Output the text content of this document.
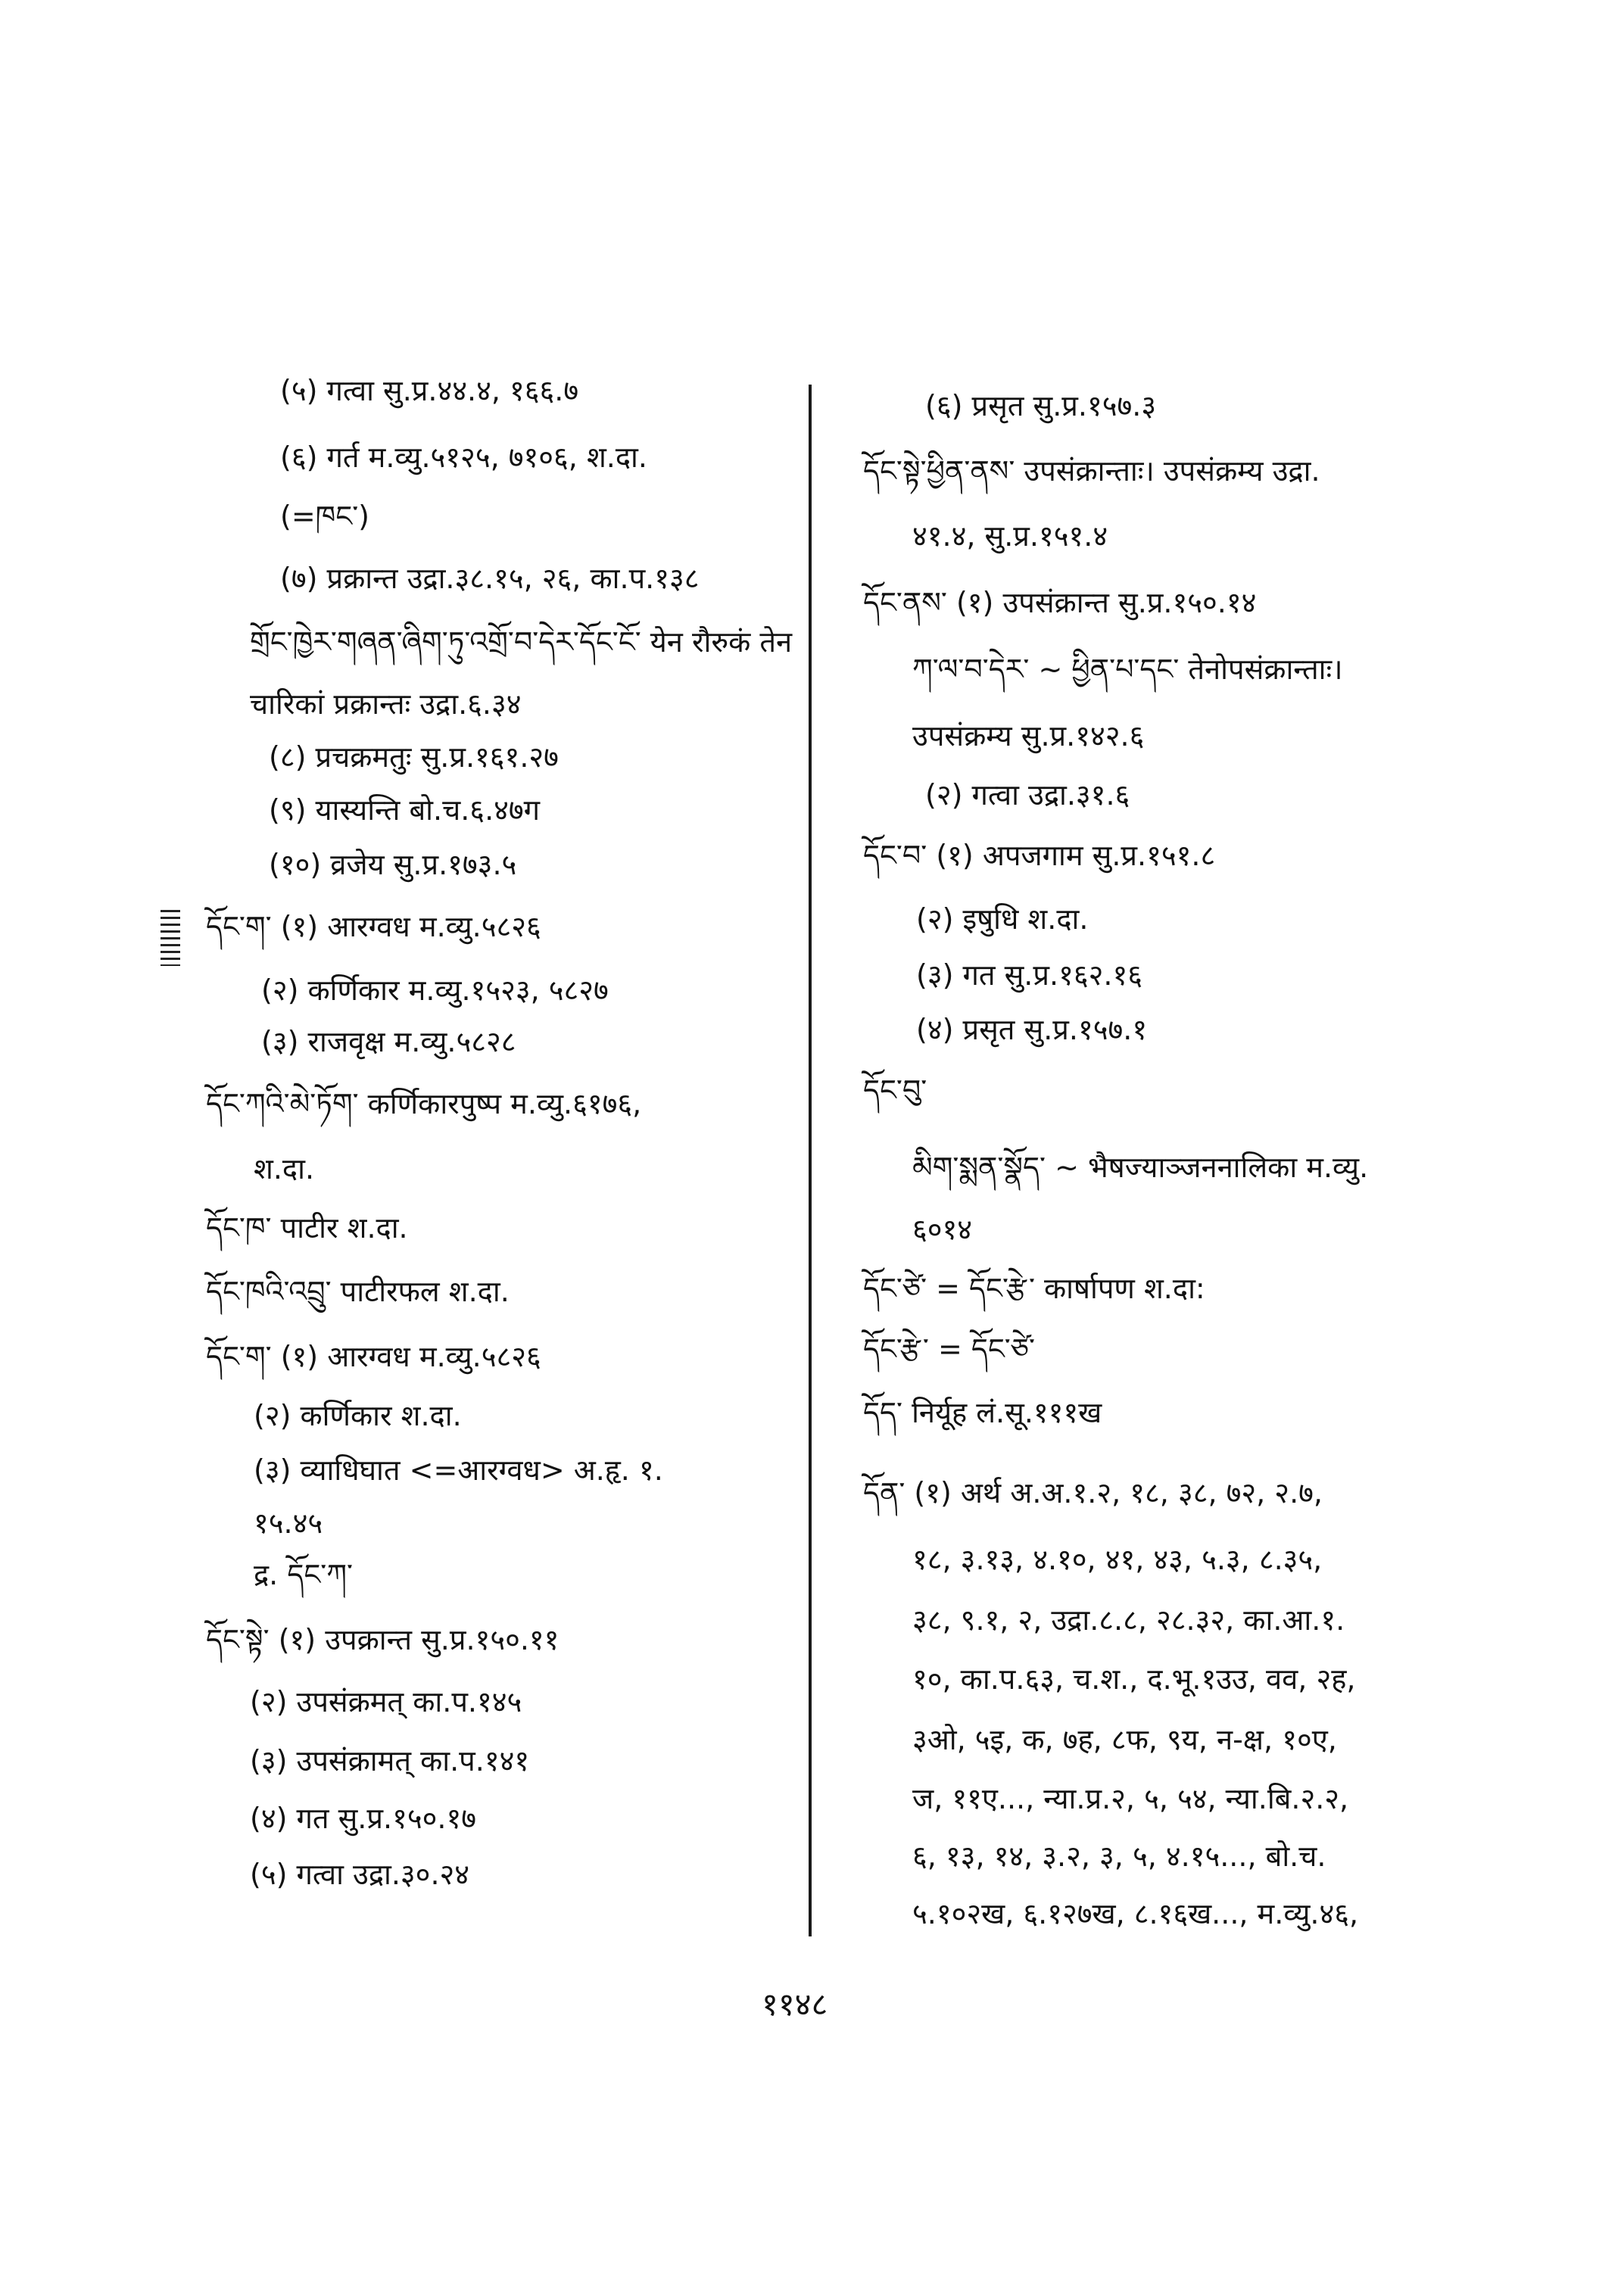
(५) गत्वा सु.प्र.४४.४, १६६.७
(६) गर्त म.व्यु.५१२५, ७१०६, श.दा.
(=ཁང་)
(७) प्रक्रान्त उद्रा.३८.१५, २६, का.प.१३८
གྲོང་ཁྱེར་གཞན་ཞིག་ཏུ་འགྲོ་བ་དེར་དོང་ངོ་ येन रौरुकं तेन
चारिकां प्रक्रान्तः उद्रा.६.३४
(८) प्रचक्रमतुः सु.प्र.१६१.२७
(९) यास्यन्ति बो.च.६.४७ग
(१०) व्रजेय सु.प्र.१७३.५
དོང་ག་ (१) आरग्वध म.व्यु.५८२६
(२) कर्णिकार म.व्यु.१५२३, ५८२७
(३) राजवृक्ष म.व्यु.५८२८
དོང་ཀའི་མེ་ཏོག་ कर्णिकारपुष्प म.व्यु.६१७६,
श.दा.
དོང་ཁ་ पाटीर श.दा.
དོང་ཁའི་འབྲུ་ पाटीरफल श.दा.
དོང་ག་ (१) आरग्वध म.व्यु.५८२६
(२) कर्णिकार श.दा.
(३) व्याधिघात <=आरग्वध> अ.हृ. १.
१५.४५
द्र. དོང་ཀ་
དོང་སྟེ་ (१) उपक्रान्त सु.प्र.१५०.११
(२) उपसंक्रमत् का.प.१४५
(३) उपसंक्रामत् का.प.१४१
(४) गत सु.प्र.१५०.१७
(५) गत्वा उद्रा.३०.२४
(६) प्रसृत सु.प्र.१५७.३
དོང་སྟེ་ཕྱིན་ནས་ उपसंक्रान्ताः। उपसंक्रम्य उद्रा.
४१.४, सु.प्र.१५१.४
དོང་ནས་ (१) उपसंक्रान्त सु.प्र.१५०.१४
ཀ་ལ་བ་དེར་ ~ ཕྱིན་པ་དང་ तेनोपसंक्रान्ताः।
उपसंक्रम्य सु.प्र.१४२.६
(२) गत्वा उद्रा.३१.६
དོང་བ་ (१) अपजगाम सु.प्र.१५१.८
(२) इषुधि श.दा.
(३) गत सु.प्र.१६२.१६
(४) प्रसृत सु.प्र.१५७.१
དོང་བུ་
མིག་སྨན་སྣོད་ ~ भैषज्याञ्जननालिका म.व्यु.
६०१४
དོང་ཙེ་ = དོང་རྩེ་ कार्षापण श.दा:
དོང་རྩེ་ = དོང་ཙེ་
དོད་ निर्यूह लं.सू.१११ख
དོན་ (१) अर्थ अ.अ.१.२, १८, ३८, ७२, २.७,
१८, ३.१३, ४.१०, ४१, ४३, ५.३, ८.३५,
३८, ९.१, २, उद्रा.८.८, २८.३२, का.आ.१.
१०, का.प.६३, च.श., द.भू.१उउ, वव, २ह,
३ओ, ५इ, क, ७ह, ८फ, ९य, न-क्ष, १०ए,
ज, ११ए..., न्या.प्र.२, ५, ५४, न्या.बि.२.२,
६, १३, १४, ३.२, ३, ५, ४.१५..., बो.च.
५.१०२ख, ६.१२७ख, ८.१६ख..., म.व्यु.४६,
११४८
